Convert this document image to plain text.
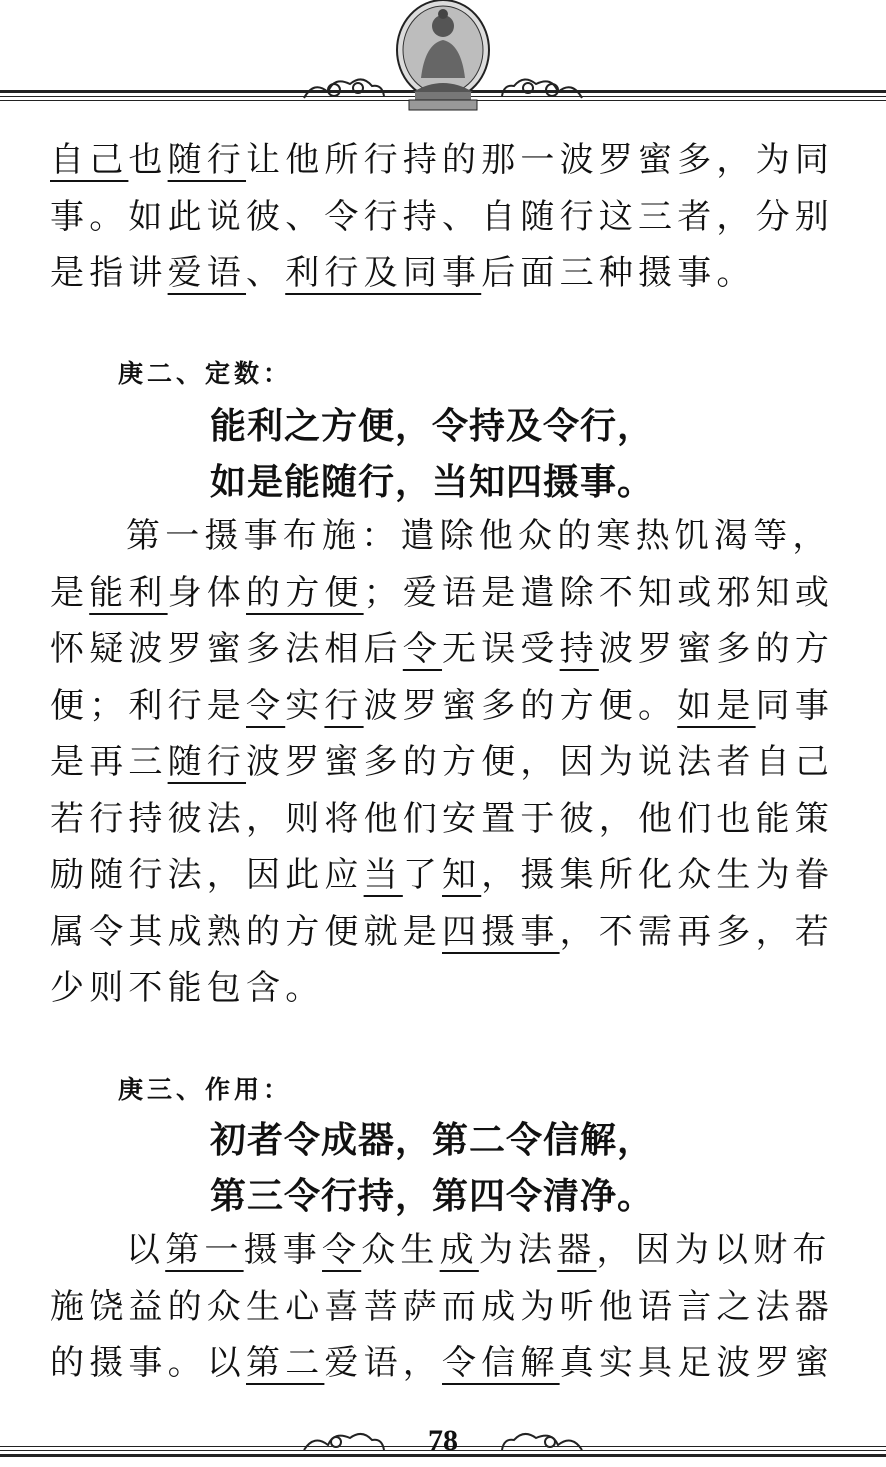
自己也随行让他所行持的那一波罗蜜多，为同
事。如此说彼、令行持、自随行这三者，分别
是指讲爱语、利行及同事后面三种摄事。

庚二、定数：
能利之方便，令持及令行，
如是能随行，当知四摄事。

第一摄事布施：遣除他众的寒热饥渴等，
是能利身体的方便；爱语是遣除不知或邪知或
怀疑波罗蜜多法相后令无误受持波罗蜜多的方
便；利行是令实行波罗蜜多的方便。如是同事
是再三随行波罗蜜多的方便，因为说法者自己
若行持彼法，则将他们安置于彼，他们也能策
励随行法，因此应当了知，摄集所化众生为眷
属令其成熟的方便就是四摄事，不需再多，若
少则不能包含。

庚三、作用：
初者令成器，第二令信解，
第三令行持，第四令清净。

以第一摄事令众生成为法器，因为以财布
施饶益的众生心喜菩萨而成为听他语言之法器
的摄事。以第二爱语，令信解真实具足波罗蜜

78
